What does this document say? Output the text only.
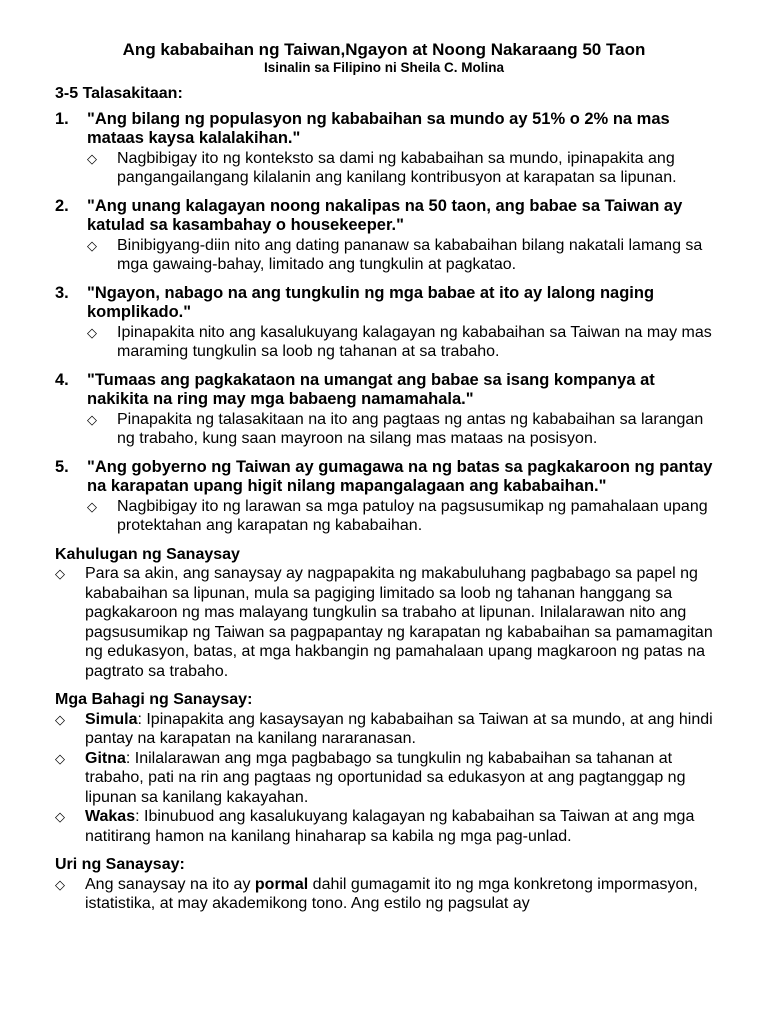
Ang kababaihan ng Taiwan,Ngayon at Noong Nakaraang 50 Taon
Isinalin sa Filipino ni Sheila C. Molina
3-5 Talasakitaan:
1.	"Ang bilang ng populasyon ng kababaihan sa mundo ay 51% o 2% na mas mataas kaysa kalalakihan."
◇	Nagbibigay ito ng konteksto sa dami ng kababaihan sa mundo, ipinapakita ang pangangailangang kilalanin ang kanilang kontribusyon at karapatan sa lipunan.
2.	"Ang unang kalagayan noong nakalipas na 50 taon, ang babae sa Taiwan ay katulad sa kasambahay o housekeeper."
◇	Binibigyang-diin nito ang dating pananaw sa kababaihan bilang nakatali lamang sa mga gawaing-bahay, limitado ang tungkulin at pagkatao.
3.	"Ngayon, nabago na ang tungkulin ng mga babae at ito ay lalong naging komplikado."
◇	Ipinapakita nito ang kasalukuyang kalagayan ng kababaihan sa Taiwan na may mas maraming tungkulin sa loob ng tahanan at sa trabaho.
4.	"Tumaas ang pagkakataon na umangat ang babae sa isang kompanya at nakikita na ring may mga babaeng namamahala."
◇	Pinapakita ng talasakitaan na ito ang pagtaas ng antas ng kababaihan sa larangan ng trabaho, kung saan mayroon na silang mas mataas na posisyon.
5.	"Ang gobyerno ng Taiwan ay gumagawa na ng batas sa pagkakaroon ng pantay na karapatan upang higit nilang mapangalagaan ang kababaihan."
◇	Nagbibigay ito ng larawan sa mga patuloy na pagsusumikap ng pamahalaan upang protektahan ang karapatan ng kababaihan.
Kahulugan ng Sanaysay
◇	Para sa akin, ang sanaysay ay nagpapakita ng makabuluhang pagbabago sa papel ng kababaihan sa lipunan, mula sa pagiging limitado sa loob ng tahanan hanggang sa pagkakaroon ng mas malayang tungkulin sa trabaho at lipunan. Inilalarawan nito ang pagsusumikap ng Taiwan sa pagpapantay ng karapatan ng kababaihan sa pamamagitan ng edukasyon, batas, at mga hakbangin ng pamahalaan upang magkaroon ng patas na pagtrato sa trabaho.
Mga Bahagi ng Sanaysay:
◇	Simula: Ipinapakita ang kasaysayan ng kababaihan sa Taiwan at sa mundo, at ang hindi pantay na karapatan na kanilang nararanasan.
◇	Gitna: Inilalarawan ang mga pagbabago sa tungkulin ng kababaihan sa tahanan at trabaho, pati na rin ang pagtaas ng oportunidad sa edukasyon at ang pagtanggap ng lipunan sa kanilang kakayahan.
◇	Wakas: Ibinubuod ang kasalukuyang kalagayan ng kababaihan sa Taiwan at ang mga natitirang hamon na kanilang hinaharap sa kabila ng mga pag-unlad.
Uri ng Sanaysay:
◇	Ang sanaysay na ito ay pormal dahil gumagamit ito ng mga konkretong impormasyon, istatistika, at may akademikong tono. Ang estilo ng pagsulat ay
